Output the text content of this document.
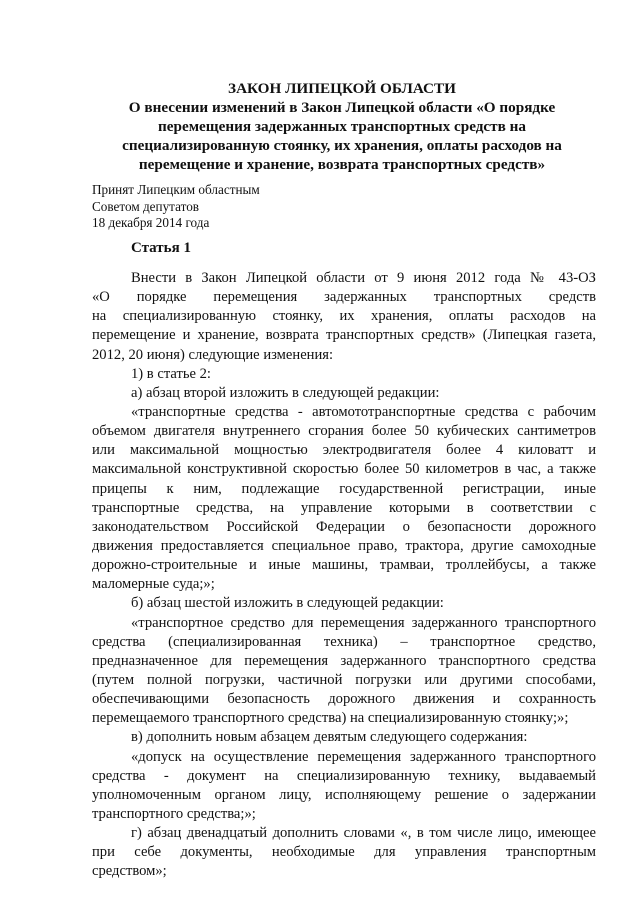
ЗАКОН ЛИПЕЦКОЙ ОБЛАСТИ
О внесении изменений в Закон Липецкой области «О порядке
перемещения задержанных транспортных средств на
специализированную стоянку, их хранения, оплаты расходов на
перемещение и хранение, возврата транспортных средств»
Принят Липецким областным
Советом депутатов
18 декабря 2014 года
Статья 1
Внести в Закон Липецкой области от 9 июня 2012 года № 43-ОЗ
«О порядке перемещения задержанных транспортных средств
на специализированную стоянку, их хранения, оплаты расходов на
перемещение и хранение, возврата транспортных средств» (Липецкая газета,
2012, 20 июня) следующие изменения:
1) в статье 2:
а) абзац второй изложить в следующей редакции:
«транспортные средства - автомототранспортные средства с рабочим
объемом двигателя внутреннего сгорания более 50 кубических сантиметров
или максимальной мощностью электродвигателя более 4 киловатт и
максимальной конструктивной скоростью более 50 километров в час, а также
прицепы к ним, подлежащие государственной регистрации, иные
транспортные средства, на управление которыми в соответствии с
законодательством Российской Федерации о безопасности дорожного
движения предоставляется специальное право, трактора, другие самоходные
дорожно-строительные и иные машины, трамваи, троллейбусы, а также
маломерные суда;»;
б) абзац шестой изложить в следующей редакции:
«транспортное средство для перемещения задержанного транспортного
средства (специализированная техника) – транспортное средство,
предназначенное для перемещения задержанного транспортного средства
(путем полной погрузки, частичной погрузки или другими способами,
обеспечивающими безопасность дорожного движения и сохранность
перемещаемого транспортного средства) на специализированную стоянку;»;
в) дополнить новым абзацем девятым следующего содержания:
«допуск на осуществление перемещения задержанного транспортного
средства - документ на специализированную технику, выдаваемый
уполномоченным органом лицу, исполняющему решение о задержании
транспортного средства;»;
г) абзац двенадцатый дополнить словами «, в том числе лицо, имеющее
при себе документы, необходимые для управления транспортным
средством»;
